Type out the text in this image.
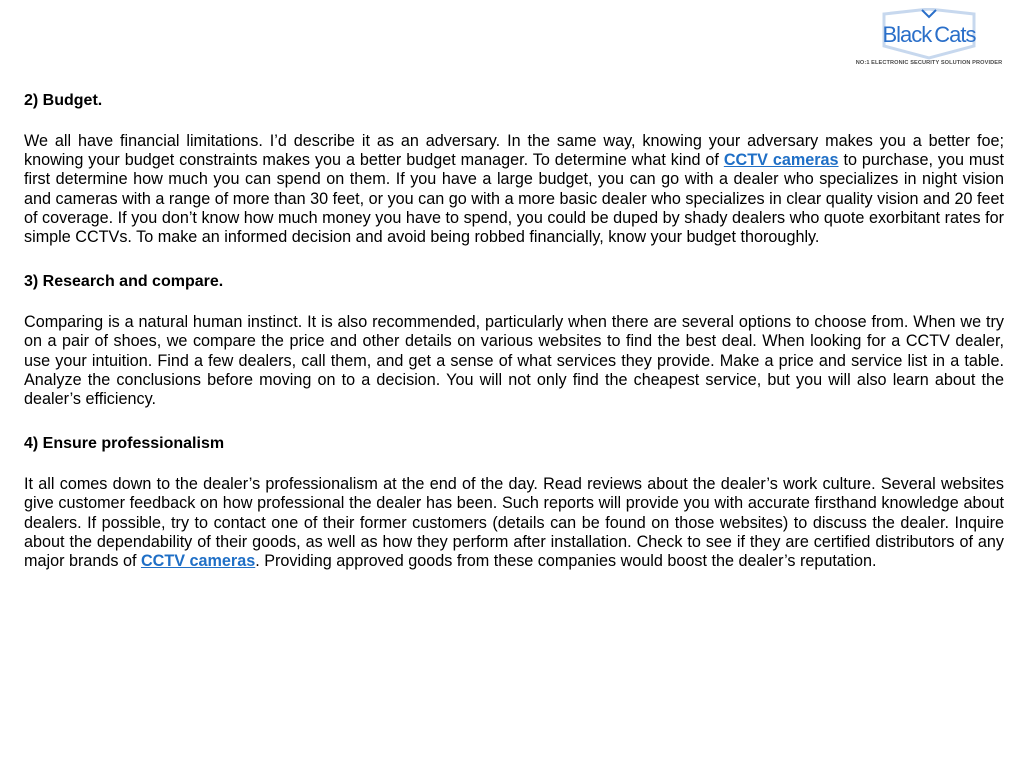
Black Cats
NO:1 ELECTRONIC SECURITY SOLUTION PROVIDER
2) Budget.

We all have financial limitations. I’d describe it as an adversary. In the same way, knowing your adversary makes you a better foe; knowing your budget constraints makes you a better budget manager. To determine what kind of CCTV cameras to purchase, you must first determine how much you can spend on them. If you have a large budget, you can go with a dealer who specializes in night vision and cameras with a range of more than 30 feet, or you can go with a more basic dealer who specializes in clear quality vision and 20 feet of coverage. If you don’t know how much money you have to spend, you could be duped by shady dealers who quote exorbitant rates for simple CCTVs. To make an informed decision and avoid being robbed financially, know your budget thoroughly.

3) Research and compare.

Comparing is a natural human instinct. It is also recommended, particularly when there are several options to choose from. When we try on a pair of shoes, we compare the price and other details on various websites to find the best deal. When looking for a CCTV dealer, use your intuition. Find a few dealers, call them, and get a sense of what services they provide. Make a price and service list in a table. Analyze the conclusions before moving on to a decision. You will not only find the cheapest service, but you will also learn about the dealer’s efficiency.

4) Ensure professionalism

It all comes down to the dealer’s professionalism at the end of the day. Read reviews about the dealer’s work culture. Several websites give customer feedback on how professional the dealer has been. Such reports will provide you with accurate firsthand knowledge about dealers. If possible, try to contact one of their former customers (details can be found on those websites) to discuss the dealer. Inquire about the dependability of their goods, as well as how they perform after installation. Check to see if they are certified distributors of any major brands of CCTV cameras. Providing approved goods from these companies would boost the dealer’s reputation.
